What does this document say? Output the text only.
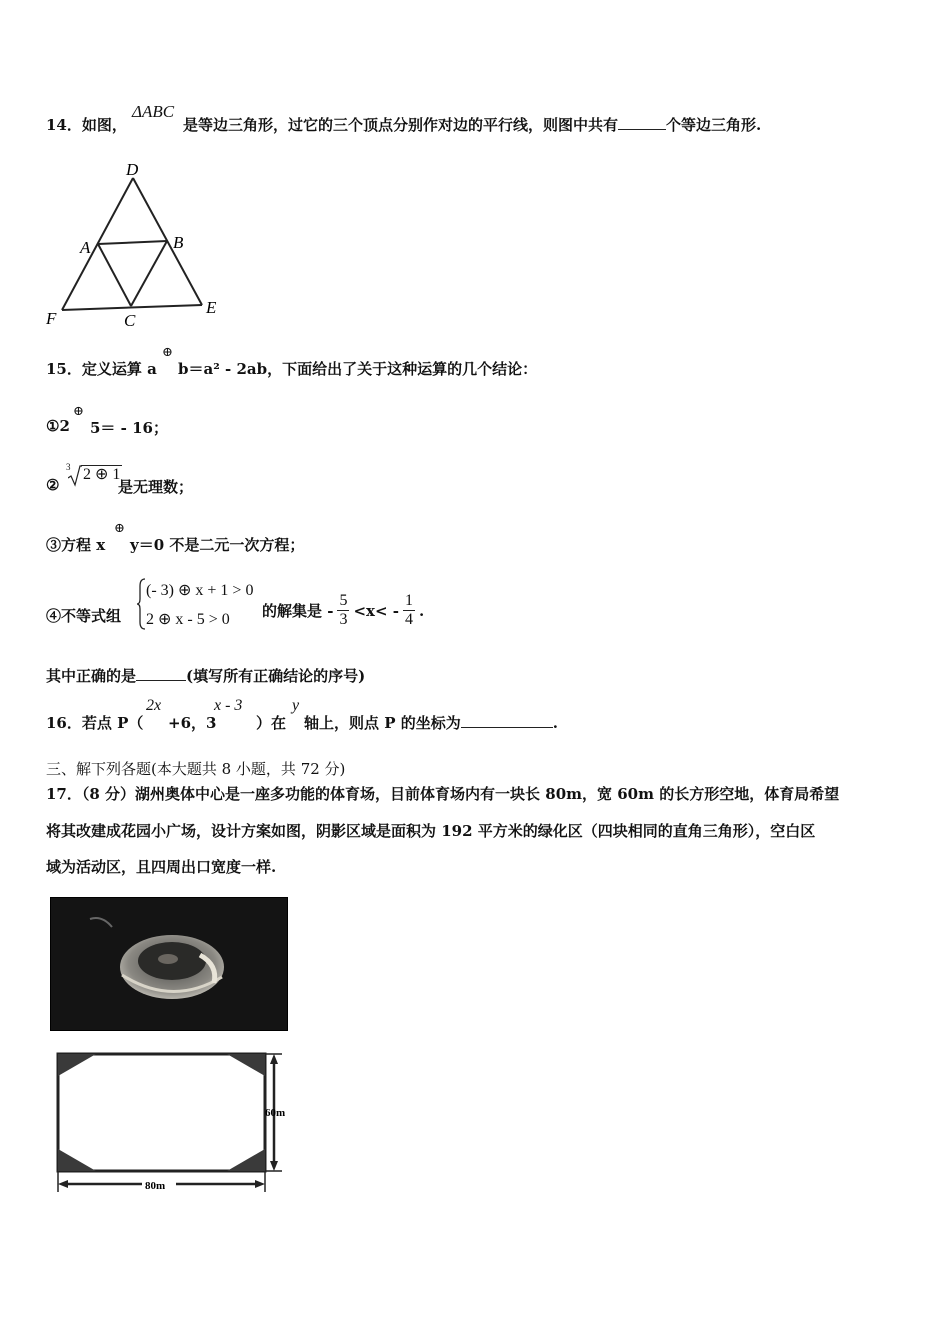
14．如图，
ΔABC
是等边三角形，过它的三个顶点分别作对边的平行线，则图中共有	个等边三角形.
D
A	B
F	C
E
15．定义运算 a
⊕
b＝a² ‑ 2ab，下面给出了关于这种运算的几个结论：
①2
⊕
5＝ ‑ 16；
②
3 2 ⊕ 1
是无理数；
③方程 x
⊕
y＝0 不是二元一次方程；
④不等式组
(‑ 3) ⊕ x + 1 > 0
2 ⊕ x ‑ 5 > 0 的解集是 ‑ $\frac{5}{3} <x<$ ‑ $\frac{1}{4}$ .
其中正确的是	(填写所有正确结论的序号)
16．若点 P（
2x
+6，3
x ‑ 3
）在
y
轴上，则点 P 的坐标为	.
三、解下列各题(本大题共 8 小题，共 72 分)
17．（8 分）湖州奥体中心是一座多功能的体育场，目前体育场内有一块长 80m，宽 60m 的长方形空地，体育局希望
将其改建成花园小广场，设计方案如图，阴影区域是面积为 192 平方米的绿化区（四块相同的直角三角形），空白区
域为活动区，且四周出口宽度一样.
60m
80m
